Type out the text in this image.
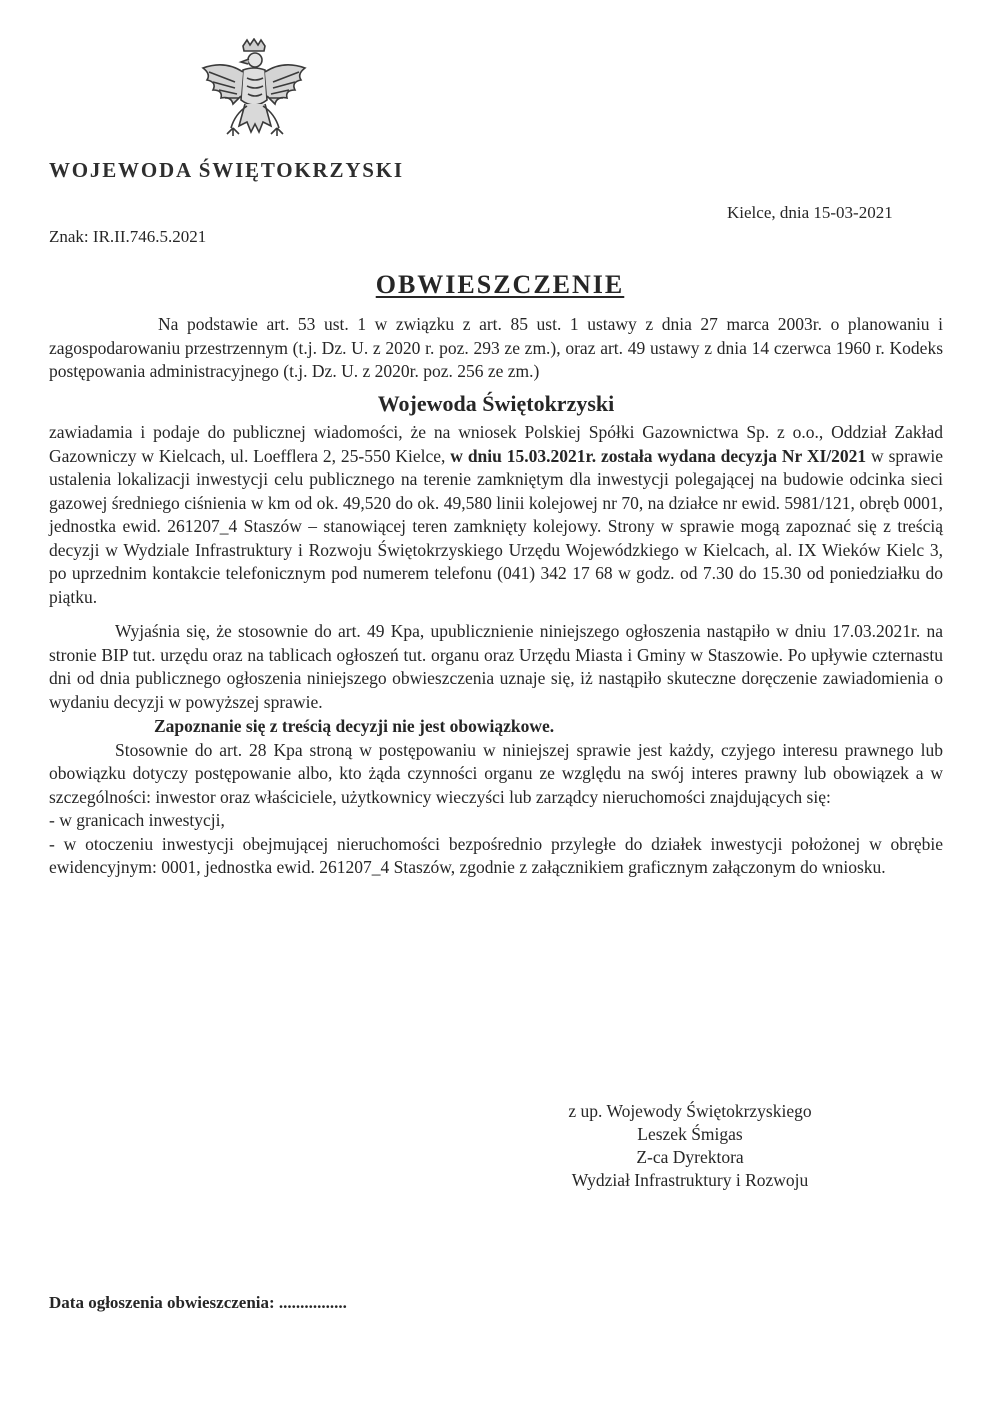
WOJEWODA ŚWIĘTOKRZYSKI
Kielce, dnia 15-03-2021
Znak: IR.II.746.5.2021
OBWIESZCZENIE

Na podstawie art. 53 ust. 1 w związku z art. 85 ust. 1 ustawy z dnia 27 marca 2003r. o planowaniu i zagospodarowaniu przestrzennym (t.j. Dz. U. z 2020 r. poz. 293 ze zm.), oraz art. 49 ustawy z dnia 14 czerwca 1960 r. Kodeks postępowania administracyjnego (t.j. Dz. U. z 2020r. poz. 256 ze zm.)

Wojewoda Świętokrzyski

zawiadamia i podaje do publicznej wiadomości, że na wniosek Polskiej Spółki Gazownictwa Sp. z o.o., Oddział Zakład Gazowniczy w Kielcach, ul. Loefflera 2, 25-550 Kielce, w dniu 15.03.2021r. została wydana decyzja Nr XI/2021 w sprawie ustalenia lokalizacji inwestycji celu publicznego na terenie zamkniętym dla inwestycji polegającej na budowie odcinka sieci gazowej średniego ciśnienia w km od ok. 49,520 do ok. 49,580 linii kolejowej nr 70, na działce nr ewid. 5981/121, obręb 0001, jednostka ewid. 261207_4 Staszów – stanowiącej teren zamknięty kolejowy. Strony w sprawie mogą zapoznać się z treścią decyzji w Wydziale Infrastruktury i Rozwoju Świętokrzyskiego Urzędu Wojewódzkiego w Kielcach, al. IX Wieków Kielc 3, po uprzednim kontakcie telefonicznym pod numerem telefonu (041) 342 17 68 w godz. od 7.30 do 15.30 od poniedziałku do piątku.

Wyjaśnia się, że stosownie do art. 49 Kpa, upublicznienie niniejszego ogłoszenia nastąpiło w dniu 17.03.2021r. na stronie BIP tut. urzędu oraz na tablicach ogłoszeń tut. organu oraz Urzędu Miasta i Gminy w Staszowie. Po upływie czternastu dni od dnia publicznego ogłoszenia niniejszego obwieszczenia uznaje się, iż nastąpiło skuteczne doręczenie zawiadomienia o wydaniu decyzji w powyższej sprawie.

Zapoznanie się z treścią decyzji nie jest obowiązkowe.

Stosownie do art. 28 Kpa stroną w postępowaniu w niniejszej sprawie jest każdy, czyjego interesu prawnego lub obowiązku dotyczy postępowanie albo, kto żąda czynności organu ze względu na swój interes prawny lub obowiązek a w szczególności: inwestor oraz właściciele, użytkownicy wieczyści lub zarządcy nieruchomości znajdujących się:

- w granicach inwestycji,

- w otoczeniu inwestycji obejmującej nieruchomości bezpośrednio przyległe do działek inwestycji położonej w obrębie ewidencyjnym: 0001, jednostka ewid. 261207_4 Staszów, zgodnie z załącznikiem graficznym załączonym do wniosku.

z up. Wojewody Świętokrzyskiego
Leszek Śmigas
Z-ca Dyrektora
Wydział Infrastruktury i Rozwoju
Data ogłoszenia obwieszczenia: ................
